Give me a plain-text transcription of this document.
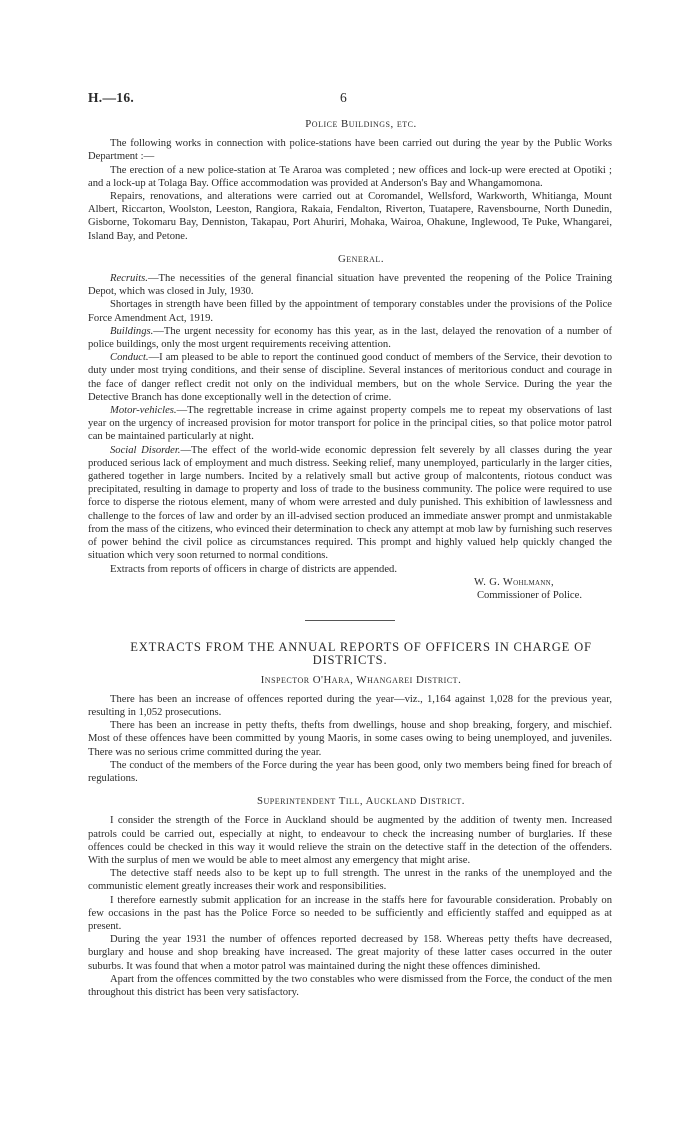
H.—16.	6

Police Buildings, etc.

The following works in connection with police-stations have been carried out during the year by the Public Works Department :—

The erection of a new police-station at Te Araroa was completed ; new offices and lock-up were erected at Opotiki ; and a lock-up at Tolaga Bay. Office accommodation was provided at Anderson's Bay and Whangamomona.

Repairs, renovations, and alterations were carried out at Coromandel, Wellsford, Warkworth, Whitianga, Mount Albert, Riccarton, Woolston, Leeston, Rangiora, Rakaia, Fendalton, Riverton, Tuatapere, Ravensbourne, North Dunedin, Gisborne, Tokomaru Bay, Denniston, Takapau, Port Ahuriri, Mohaka, Wairoa, Ohakune, Inglewood, Te Puke, Whangarei, Island Bay, and Petone.

General.

Recruits.—The necessities of the general financial situation have prevented the reopening of the Police Training Depot, which was closed in July, 1930.

Shortages in strength have been filled by the appointment of temporary constables under the provisions of the Police Force Amendment Act, 1919.

Buildings.—The urgent necessity for economy has this year, as in the last, delayed the renovation of a number of police buildings, only the most urgent requirements receiving attention.

Conduct.—I am pleased to be able to report the continued good conduct of members of the Service, their devotion to duty under most trying conditions, and their sense of discipline. Several instances of meritorious conduct and courage in the face of danger reflect credit not only on the individual members, but on the whole Service. During the year the Detective Branch has done exceptionally well in the detection of crime.

Motor-vehicles.—The regrettable increase in crime against property compels me to repeat my observations of last year on the urgency of increased provision for motor transport for police in the principal cities, so that police motor patrol can be maintained particularly at night.

Social Disorder.—The effect of the world-wide economic depression felt severely by all classes during the year produced serious lack of employment and much distress. Seeking relief, many unemployed, particularly in the larger cities, gathered together in large numbers. Incited by a relatively small but active group of malcontents, riotous conduct was precipitated, resulting in damage to property and loss of trade to the business community. The police were required to use force to disperse the riotous element, many of whom were arrested and duly punished. This exhibition of lawlessness and challenge to the forces of law and order by an ill-advised section produced an immediate answer prompt and unmistakable from the mass of the citizens, who evinced their determination to check any attempt at mob law by furnishing such reserves of power behind the civil police as circumstances required. This prompt and highly valued help quickly changed the situation which very soon returned to normal conditions.

Extracts from reports of officers in charge of districts are appended.

W. G. Wohlmann,
Commissioner of Police.

EXTRACTS FROM THE ANNUAL REPORTS OF OFFICERS IN CHARGE OF DISTRICTS.

Inspector O'Hara, Whangarei District.

There has been an increase of offences reported during the year—viz., 1,164 against 1,028 for the previous year, resulting in 1,052 prosecutions.

There has been an increase in petty thefts, thefts from dwellings, house and shop breaking, forgery, and mischief. Most of these offences have been committed by young Maoris, in some cases owing to being unemployed, and juveniles. There was no serious crime committed during the year.

The conduct of the members of the Force during the year has been good, only two members being fined for breach of regulations.

Superintendent Till, Auckland District.

I consider the strength of the Force in Auckland should be augmented by the addition of twenty men. Increased patrols could be carried out, especially at night, to endeavour to check the increasing number of burglaries. If these offences could be checked in this way it would relieve the strain on the detective staff in the detection of the offenders. With the surplus of men we would be able to meet almost any emergency that might arise.

The detective staff needs also to be kept up to full strength. The unrest in the ranks of the unemployed and the communistic element greatly increases their work and responsibilities.

I therefore earnestly submit application for an increase in the staffs here for favourable consideration. Probably on few occasions in the past has the Police Force so needed to be sufficiently and efficiently staffed and equipped as at present.

During the year 1931 the number of offences reported decreased by 158. Whereas petty thefts have decreased, burglary and house and shop breaking have increased. The great majority of these latter cases occurred in the outer suburbs. It was found that when a motor patrol was maintained during the night these offences diminished.

Apart from the offences committed by the two constables who were dismissed from the Force, the conduct of the men throughout this district has been very satisfactory.
